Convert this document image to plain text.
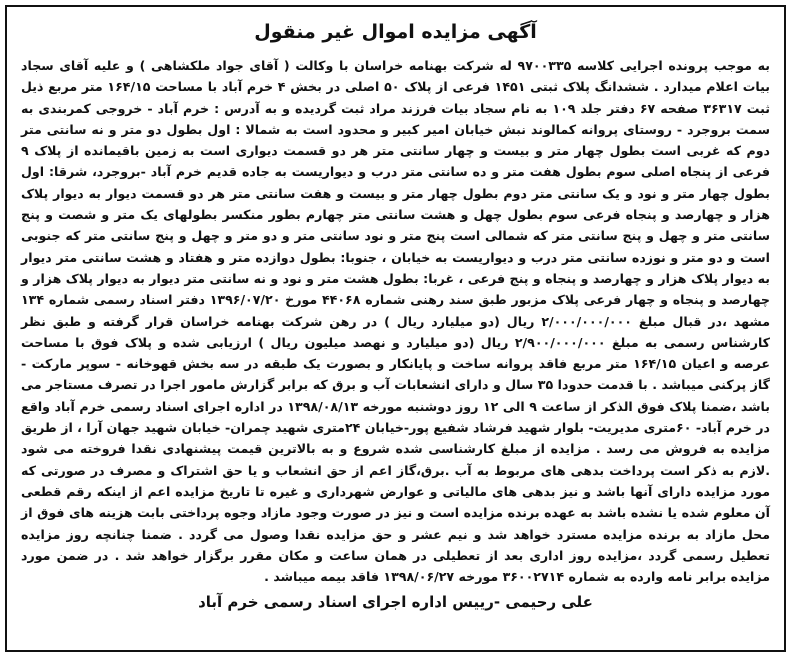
آگهی مزایده اموال غیر منقول

به موجب پرونده اجرایی کلاسه ۹۷۰۰۳۳۵ له شرکت بهنامه خراسان با وکالت ( آقای جواد ملکشاهی ) و علیه آقای سجاد بیات اعلام میدارد . ششدانگ پلاک ثبتی ۱۴۵۱ فرعی از پلاک ۵۰ اصلی در بخش ۴ خرم آباد با مساحت ۱۶۴/۱۵ متر مربع ذیل ثبت ۳۶۳۱۷ صفحه ۶۷ دفتر جلد ۱۰۹ به نام سجاد بیات فرزند مراد ثبت گردیده و به آدرس : خرم آباد - خروجی کمربندی به سمت بروجرد - روستای پروانه کمالوند نبش خیابان امیر کبیر و محدود است به شمالا : اول بطول دو متر و نه سانتی متر دوم که غربی است بطول چهار متر و بیست و چهار سانتی متر هر دو قسمت دیواری است به زمین باقیمانده از پلاک ۹ فرعی از پنجاه اصلی سوم بطول هفت متر و ده سانتی متر درب و دیواریست به جاده قدیم خرم آباد -بروجرد، شرقا: اول بطول چهار متر و نود و یک سانتی متر دوم بطول چهار متر و بیست و هفت سانتی متر هر دو قسمت دیوار به دیوار پلاک هزار و چهارصد و پنجاه فرعی سوم بطول چهل و هشت سانتی متر چهارم بطور منکسر بطولهای یک متر و شصت و پنج سانتی متر و چهل و پنج سانتی متر که شمالی است پنج متر و نود سانتی متر و دو متر و چهل و پنج سانتی متر که جنوبی است و دو متر و نوزده سانتی متر درب و دیواریست به خیابان ، جنوبا: بطول دوازده متر و هفتاد و هشت سانتی متر دیوار به دیوار پلاک هزار و چهارصد و پنجاه و پنج فرعی ، غربا: بطول هشت متر و نود و نه سانتی متر دیوار به دیوار پلاک هزار و چهارصد و پنجاه و چهار فرعی پلاک مزبور طبق سند رهنی شماره ۴۴۰۶۸ مورخ ۱۳۹۶/۰۷/۲۰ دفتر اسناد رسمی شماره ۱۳۴ مشهد ،در قبال مبلغ ۲/۰۰۰/۰۰۰/۰۰۰ ریال (دو میلیارد ریال ) در رهن شرکت بهنامه خراسان قرار گرفته و طبق نظر کارشناس رسمی به مبلغ ۲/۹۰۰/۰۰۰/۰۰۰ ریال (دو میلیارد و نهصد میلیون ریال ) ارزیابی شده و پلاک فوق با مساحت عرصه و اعیان ۱۶۴/۱۵ متر مربع فاقد پروانه ساخت و پایانکار و بصورت یک طبقه در سه بخش قهوخانه - سوپر مارکت - گاز پرکنی میباشد . با قدمت حدودا ۳۵ سال و دارای انشعابات آب و برق که برابر گزارش مامور اجرا در تصرف مستاجر می باشد ،ضمنا پلاک فوق الذکر از ساعت ۹ الی ۱۲ روز دوشنبه مورخه ۱۳۹۸/۰۸/۱۳ در اداره اجرای اسناد رسمی خرم آباد واقع در خرم آباد- ۶۰متری مدیریت- بلوار شهید فرشاد شفیع پور-خیابان ۲۴متری شهید چمران- خیابان شهید جهان آرا ، از طریق مزایده به فروش می رسد . مزایده از مبلغ کارشناسی شده شروع و به بالاترین قیمت پیشنهادی نقدا فروخته می شود .لازم به ذکر است پرداخت بدهی های مربوط به آب .برق،گاز اعم از حق انشعاب و یا حق اشتراک و مصرف در صورتی که مورد مزایده دارای آنها باشد و نیز بدهی های مالیاتی و عوارض شهرداری و غیره تا تاریخ مزایده اعم از اینکه رقم قطعی آن معلوم شده یا نشده باشد به عهده برنده مزایده است و نیز در صورت وجود مازاد وجوه پرداختی بابت هزینه های فوق از محل مازاد به برنده مزایده مسترد خواهد شد و نیم عشر و حق مزایده نقدا وصول می گردد . ضمنا چنانچه روز مزایده تعطیل رسمی گردد ،مزایده روز اداری بعد از تعطیلی در همان ساعت و مکان مقرر برگزار خواهد شد . در ضمن مورد مزایده برابر نامه وارده به شماره ۳۶۰۰۲۷۱۴ مورخه ۱۳۹۸/۰۶/۲۷ فاقد بیمه میباشد .

علی رحیمی -رییس اداره اجرای اسناد رسمی خرم آباد
